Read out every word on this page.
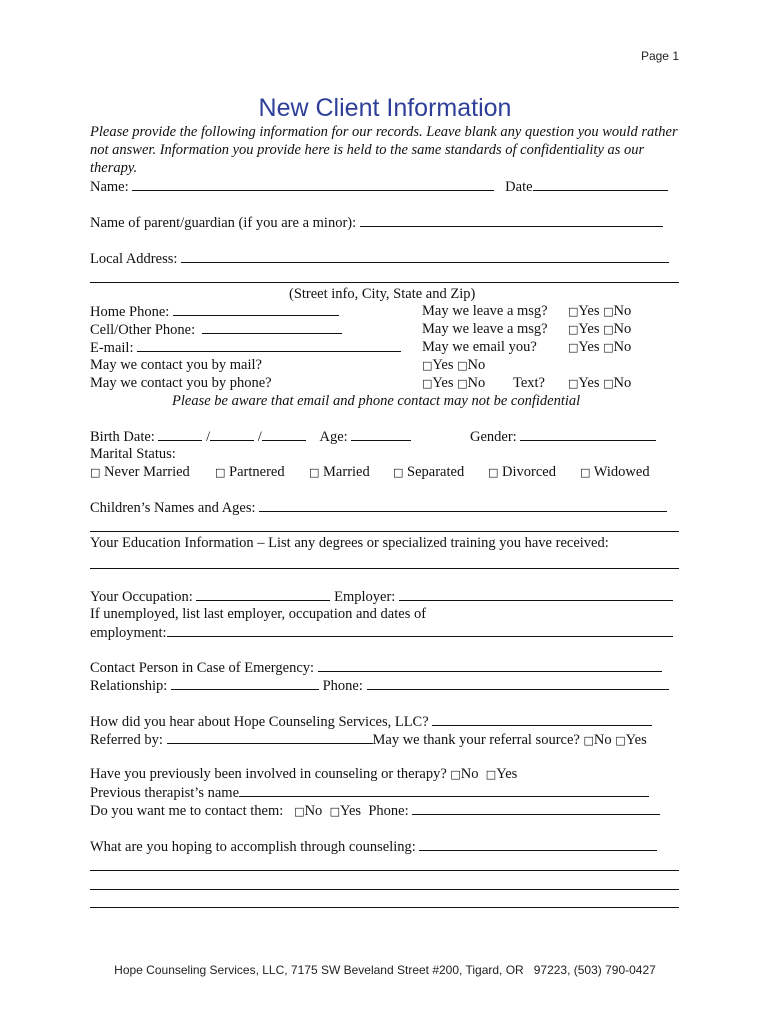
Page 1
New Client Information
Please provide the following information for our records. Leave blank any question you would rather not answer. Information you provide here is held to the same standards of confidentiality as our therapy.
Name:	Date
Name of parent/guardian (if you are a minor):
Local Address:
(Street info, City, State and Zip)
Home Phone:	May we leave a msg? □Yes □No
Cell/Other Phone:	May we leave a msg? □Yes □No
E-mail:	May we email you?	□Yes □No
May we contact you by mail?	□Yes □No
May we contact you by phone?	□Yes □No Text? □Yes □No
Please be aware that email and phone contact may not be confidential
Birth Date:	/	/	Age:	Gender:
Marital Status:
□ Never Married □ Partnered □ Married □ Separated □ Divorced □ Widowed
Children’s Names and Ages:
Your Education Information – List any degrees or specialized training you have received:
Your Occupation:	Employer:
If unemployed, list last employer, occupation and dates of
employment:
Contact Person in Case of Emergency:
Relationship:	Phone:
How did you hear about Hope Counseling Services, LLC?
Referred by:	May we thank your referral source? □No □Yes
Have you previously been involved in counseling or therapy? □No □Yes
Previous therapist’s name
Do you want me to contact them: □No □Yes Phone:
What are you hoping to accomplish through counseling:
Hope Counseling Services, LLC, 7175 SW Beveland Street #200, Tigard, OR   97223, (503) 790-0427
